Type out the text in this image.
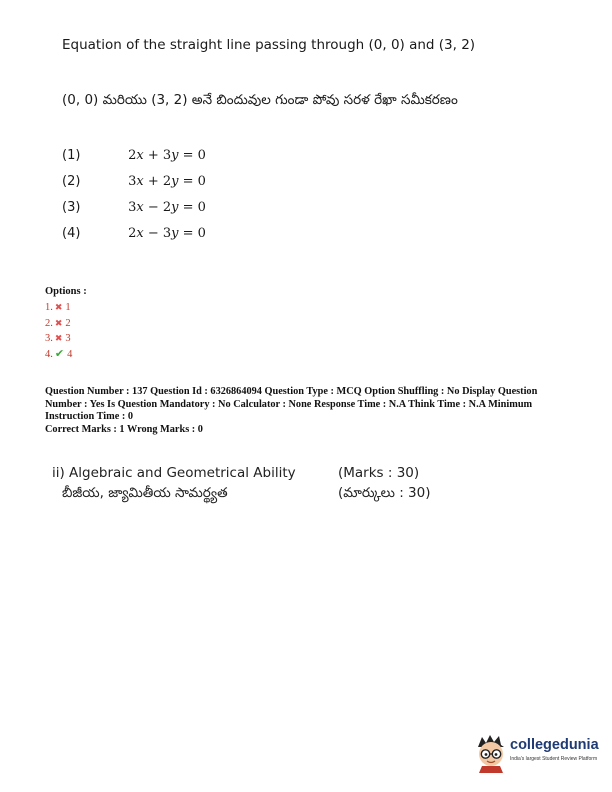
Equation of the straight line passing through (0, 0) and (3, 2)
(0, 0) మరియు (3, 2) అనే బిందువుల గుండా పోవు సరళ రేఖా సమీకరణం
(1)	2𝑥 + 3𝑦 = 0
(2)	3𝑥 + 2𝑦 = 0
(3)	3𝑥 − 2𝑦 = 0
(4)	2𝑥 − 3𝑦 = 0
Options :
1. ✖ 1
2. ✖ 2
3. ✖ 3
4. ✔ 4
Question Number : 137 Question Id : 6326864094 Question Type : MCQ Option Shuffling : No Display Question Number : Yes Is Question Mandatory : No Calculator : None Response Time : N.A Think Time : N.A Minimum Instruction Time : 0
Correct Marks : 1 Wrong Marks : 0
ii) Algebraic and Geometrical Ability
బీజీయ, జ్యామితీయ సామర్థ్యత
(Marks : 30)
(మార్కులు : 30)
collegedunia
India's largest Student Review Platform
